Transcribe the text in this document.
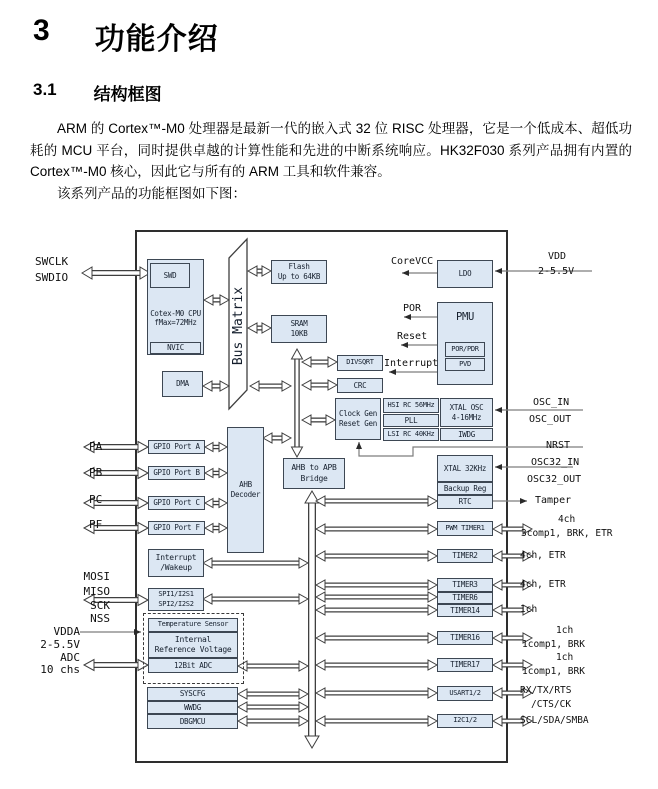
3 功能介绍
3.1 结构框图

ARM 的 Cortex™-M0 处理器是最新一代的嵌入式 32 位 RISC 处理器，它是一个低成本、超低功耗的 MCU 平台，同时提供卓越的计算性能和先进的中断系统响应。HK32F030 系列产品拥有内置的 Cortex™-M0 核心，因此它与所有的 ARM 工具和软件兼容。

该系列产品的功能框图如下图：

Bus Matrix
Cotex-M0 CPU
fMax=72MHz
SWD
NVIC
DMA
Flash
Up to 64KB
SRAM
10KB
LDO
PMU
POR/PDR
PVD
DIVSQRT
CRC
Clock Gen
Reset Gen
HSI RC 56MHz
PLL
LSI RC 40KHz
XTAL OSC
4-16MHz
IWDG
AHB
Decoder
GPIO Port A
GPIO Port B
GPIO Port C
GPIO Port F
AHB to APB
Bridge
XTAL 32KHz
Backup Reg
RTC
PWM TIMER1
TIMER2
TIMER3
TIMER6
TIMER14
TIMER16
TIMER17
USART1/2
I2C1/2
Interrupt
/Wakeup
SPI1/I2S1
SPI2/I2S2
Temperature Sensor
Internal
Reference Voltage
12Bit ADC
SYSCFG
WWDG
DBGMCU
SWCLK
SWDIO
PA
PB
PC
PF
MOSI
MISO
SCK
NSS
VDDA
2-5.5V
ADC
10 chs
CoreVCC
POR
Reset
Interrupt
VDD
2-5.5V
OSC_IN
OSC_OUT
NRST
OSC32_IN
OSC32_OUT
Tamper
4ch
3comp1, BRK, ETR
4ch, ETR
4ch, ETR
1ch
1ch
1comp1, BRK
1ch
1comp1, BRK
RX/TX/RTS
/CTS/CK
SCL/SDA/SMBA
